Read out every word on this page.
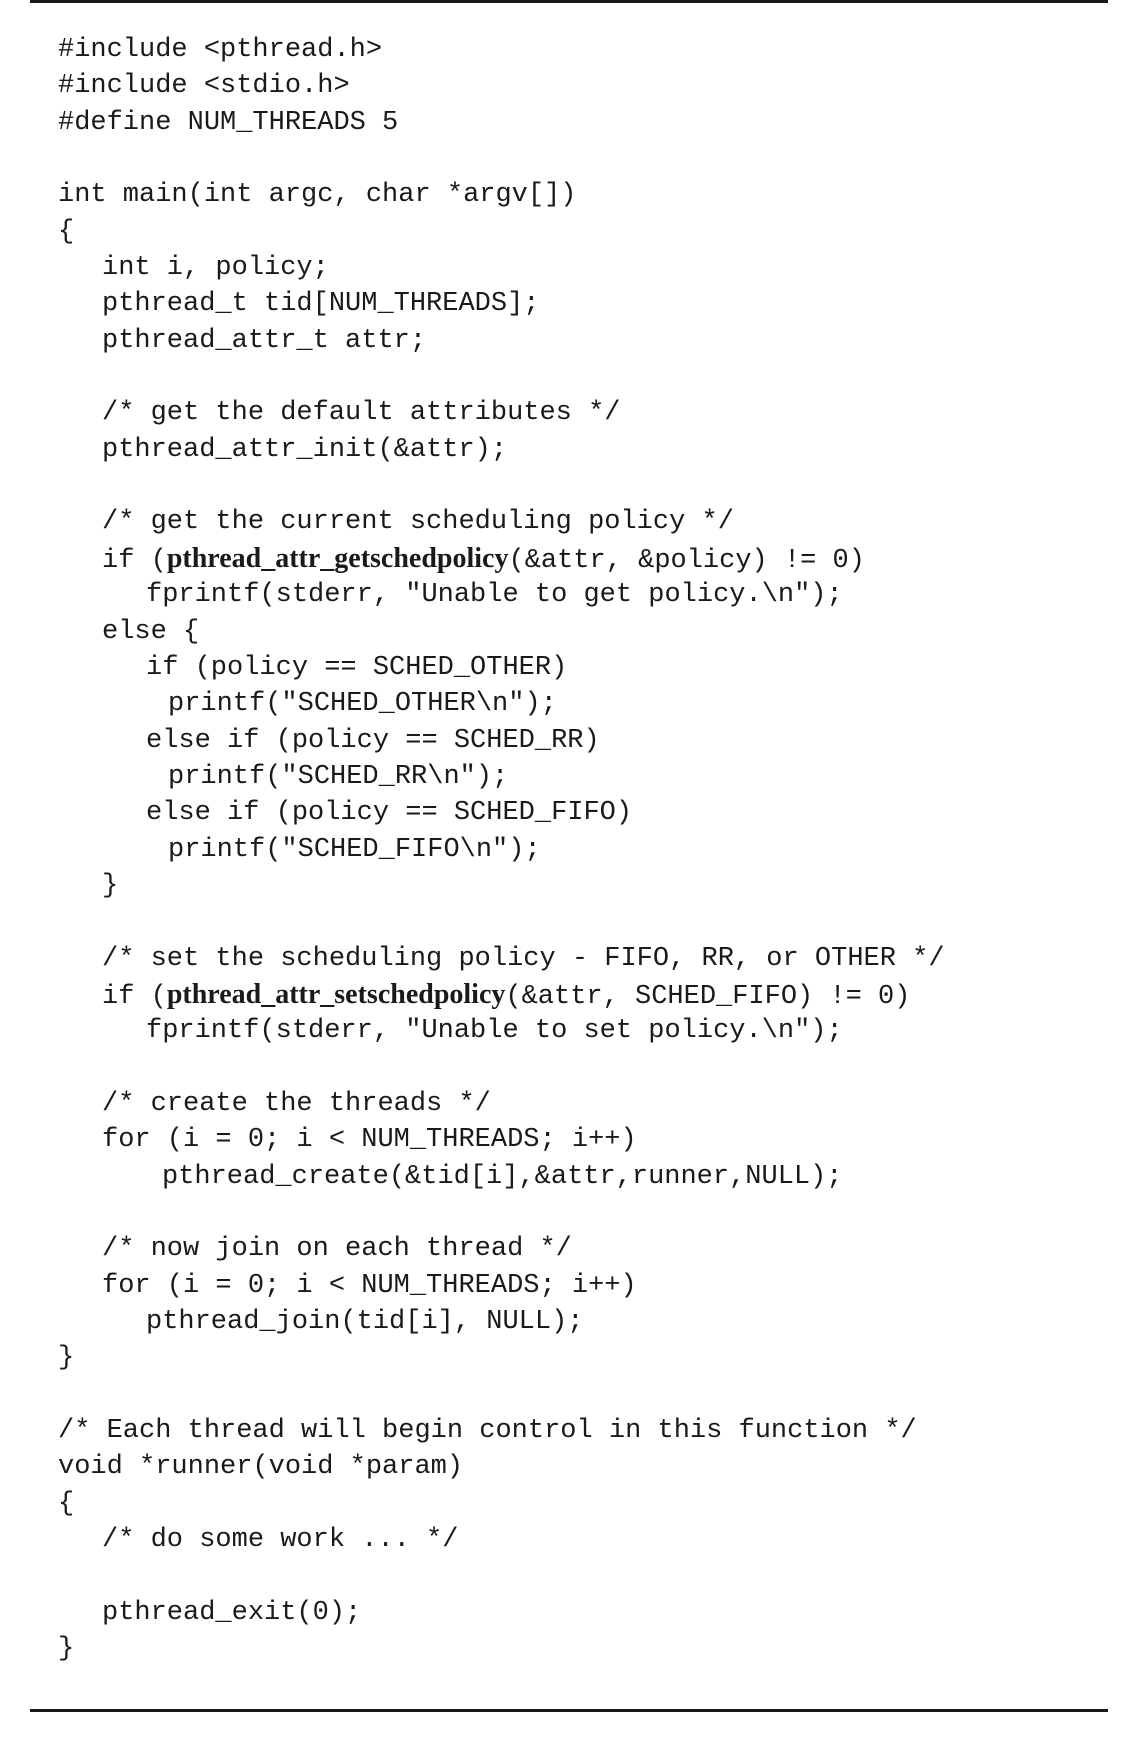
#include <pthread.h>
#include <stdio.h>
#define NUM_THREADS 5
int main(int argc, char *argv[])
{
int i, policy;
pthread_t tid[NUM_THREADS];
pthread_attr_t attr;
/* get the default attributes */
pthread_attr_init(&attr);
/* get the current scheduling policy */
if (pthread_attr_getschedpolicy(&attr, &policy) != 0)
fprintf(stderr, "Unable to get policy.\n");
else {
if (policy == SCHED_OTHER)
printf("SCHED_OTHER\n");
else if (policy == SCHED_RR)
printf("SCHED_RR\n");
else if (policy == SCHED_FIFO)
printf("SCHED_FIFO\n");
}
/* set the scheduling policy - FIFO, RR, or OTHER */
if (pthread_attr_setschedpolicy(&attr, SCHED_FIFO) != 0)
fprintf(stderr, "Unable to set policy.\n");
/* create the threads */
for (i = 0; i < NUM_THREADS; i++)
pthread_create(&tid[i],&attr,runner,NULL);
/* now join on each thread */
for (i = 0; i < NUM_THREADS; i++)
pthread_join(tid[i], NULL);
}
/* Each thread will begin control in this function */
void *runner(void *param)
{
/* do some work ... */
pthread_exit(0);
}
